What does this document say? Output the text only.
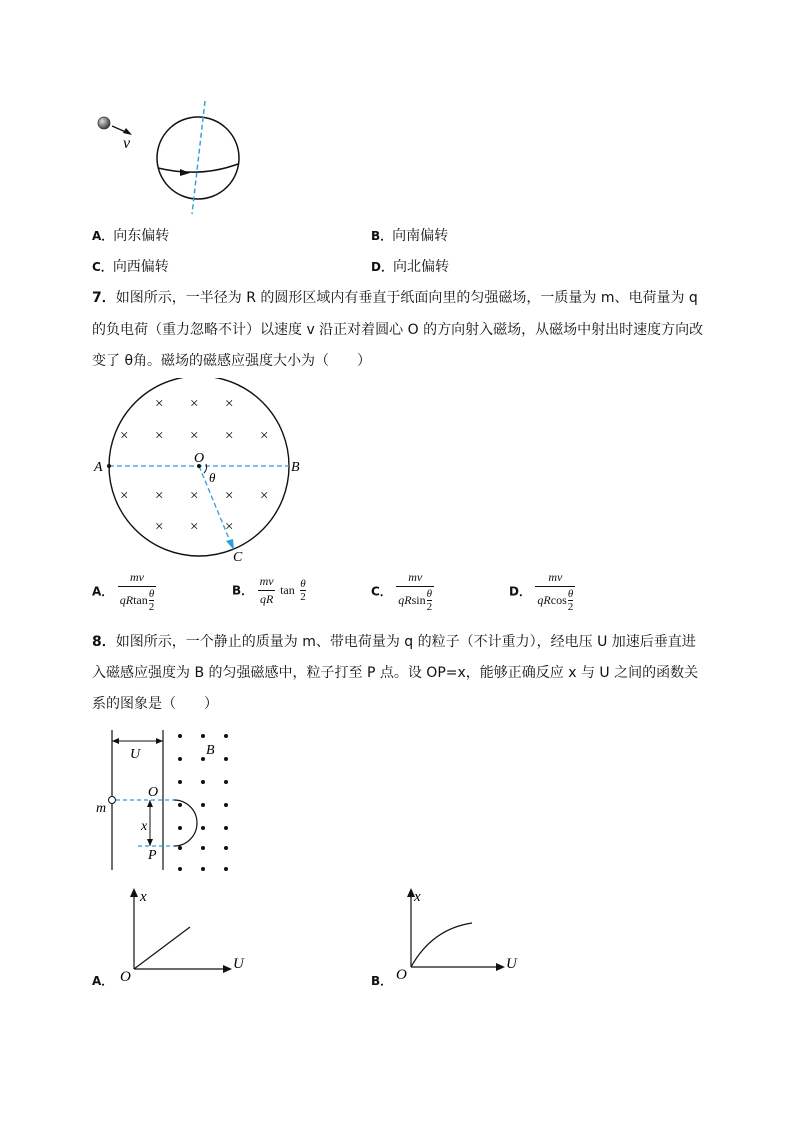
v
A．向东偏转	B．向南偏转
C．向西偏转	D．向北偏转
7．如图所示，一半径为 R 的圆形区域内有垂直于纸面向里的匀强磁场，一质量为 m、电荷量为 q
的负电荷（重力忽略不计）以速度 v 沿正对着圆心 O 的方向射入磁场，从磁场中射出时速度方向改
变了 θ角。磁场的磁感应强度大小为（　　）
A	B
O
θ
C
× × ×
× × × × ×
× × × × ×
× × ×
A． mv
qR tan θ
2	B． $\frac{mv}{qR}$ $\tan \frac{\theta}{2}$	C． mv
qR sin θ
2	D． mv
qR cos θ
2
8．如图所示，一个静止的质量为 m、带电荷量为 q 的粒子（不计重力），经电压 U 加速后垂直进
入磁感应强度为 B 的匀强磁感中，粒子打至 P 点。设 OP=x，能够正确反应 x 与 U 之间的函数关
系的图象是（　　）
U	B
m
O
x
P
A．
x
U
O	B．
x
U
O
